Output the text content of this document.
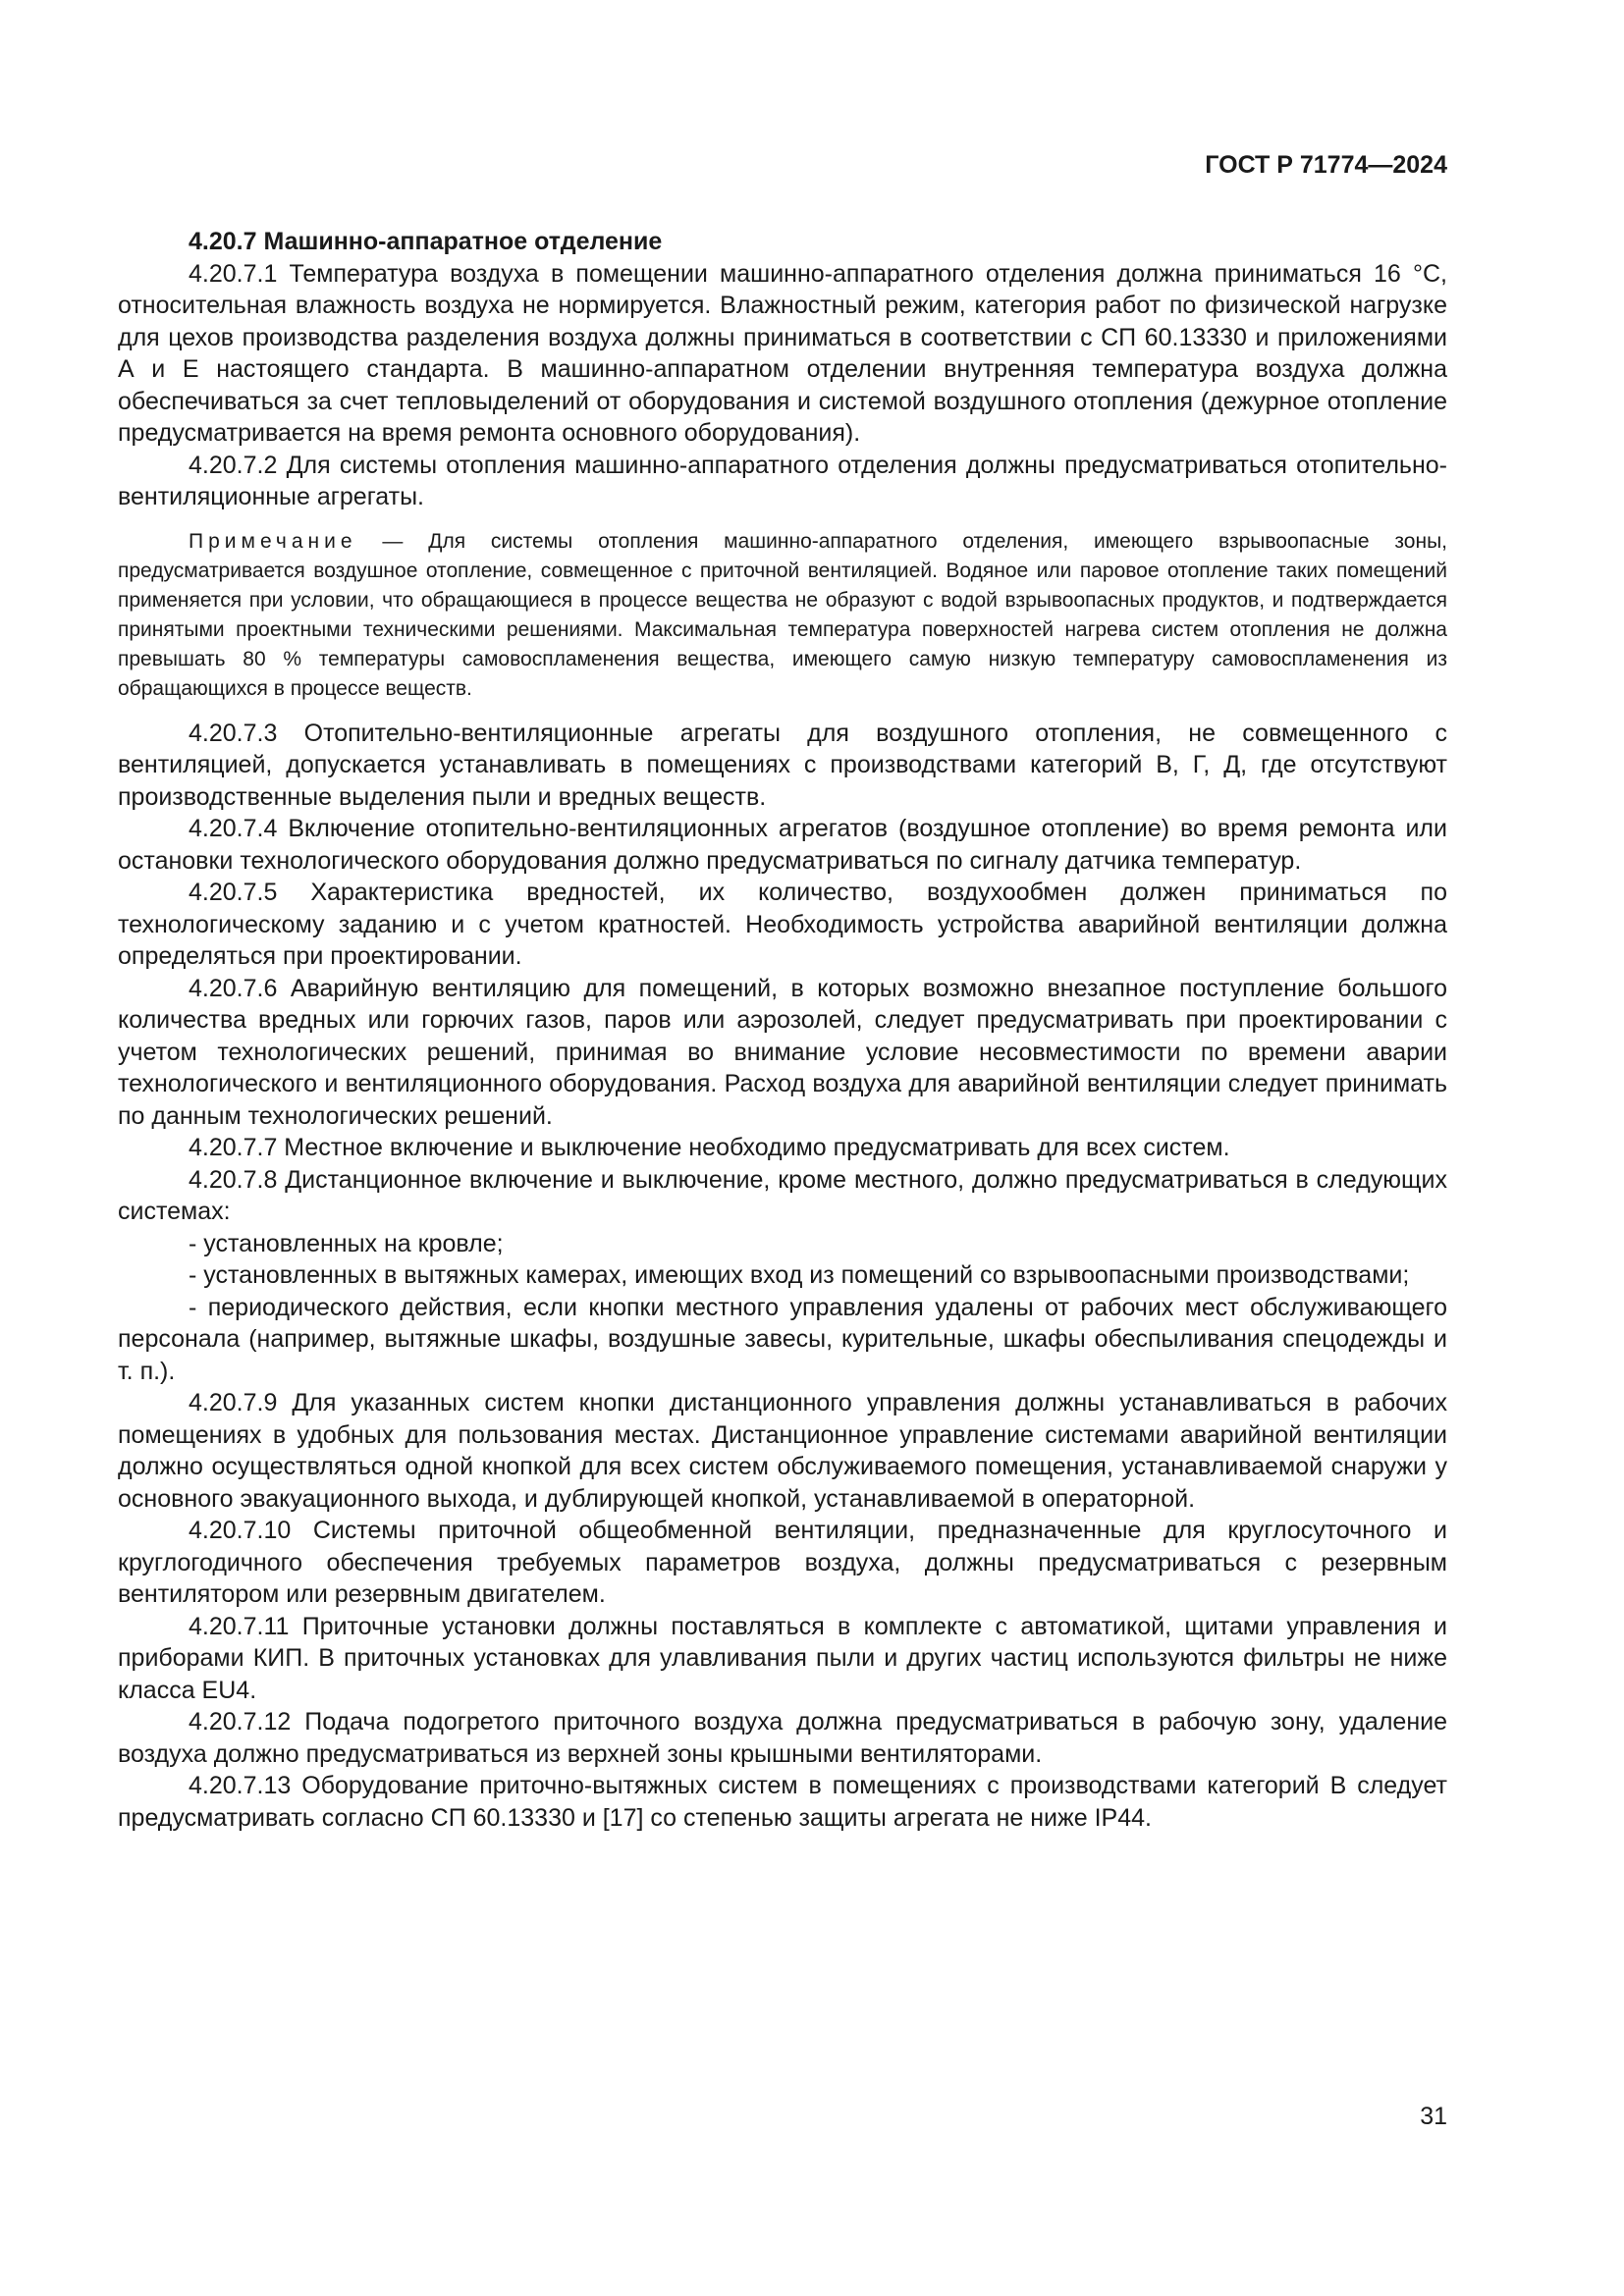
ГОСТ Р 71774—2024

4.20.7 Машинно-аппаратное отделение

4.20.7.1 Температура воздуха в помещении машинно-аппаратного отделения должна приниматься 16 °С, относительная влажность воздуха не нормируется. Влажностный режим, категория работ по физической нагрузке для цехов производства разделения воздуха должны приниматься в соответствии с СП 60.13330 и приложениями А и Е настоящего стандарта. В машинно-аппаратном отделении внутренняя температура воздуха должна обеспечиваться за счет тепловыделений от оборудования и системой воздушного отопления (дежурное отопление предусматривается на время ремонта основного оборудования).

4.20.7.2 Для системы отопления машинно-аппаратного отделения должны предусматриваться отопительно-вентиляционные агрегаты.

Примечание — Для системы отопления машинно-аппаратного отделения, имеющего взрывоопасные зоны, предусматривается воздушное отопление, совмещенное с приточной вентиляцией. Водяное или паровое отопление таких помещений применяется при условии, что обращающиеся в процессе вещества не образуют с водой взрывоопасных продуктов, и подтверждается принятыми проектными техническими решениями. Максимальная температура поверхностей нагрева систем отопления не должна превышать 80 % температуры самовоспламенения вещества, имеющего самую низкую температуру самовоспламенения из обращающихся в процессе веществ.

4.20.7.3 Отопительно-вентиляционные агрегаты для воздушного отопления, не совмещенного с вентиляцией, допускается устанавливать в помещениях с производствами категорий В, Г, Д, где отсутствуют производственные выделения пыли и вредных веществ.

4.20.7.4 Включение отопительно-вентиляционных агрегатов (воздушное отопление) во время ремонта или остановки технологического оборудования должно предусматриваться по сигналу датчика температур.

4.20.7.5 Характеристика вредностей, их количество, воздухообмен должен приниматься по технологическому заданию и с учетом кратностей. Необходимость устройства аварийной вентиляции должна определяться при проектировании.

4.20.7.6 Аварийную вентиляцию для помещений, в которых возможно внезапное поступление большого количества вредных или горючих газов, паров или аэрозолей, следует предусматривать при проектировании с учетом технологических решений, принимая во внимание условие несовместимости по времени аварии технологического и вентиляционного оборудования. Расход воздуха для аварийной вентиляции следует принимать по данным технологических решений.

4.20.7.7 Местное включение и выключение необходимо предусматривать для всех систем.

4.20.7.8 Дистанционное включение и выключение, кроме местного, должно предусматриваться в следующих системах:

- установленных на кровле;

- установленных в вытяжных камерах, имеющих вход из помещений со взрывоопасными производствами;

- периодического действия, если кнопки местного управления удалены от рабочих мест обслуживающего персонала (например, вытяжные шкафы, воздушные завесы, курительные, шкафы обеспыливания спецодежды и т. п.).

4.20.7.9 Для указанных систем кнопки дистанционного управления должны устанавливаться в рабочих помещениях в удобных для пользования местах. Дистанционное управление системами аварийной вентиляции должно осуществляться одной кнопкой для всех систем обслуживаемого помещения, устанавливаемой снаружи у основного эвакуационного выхода, и дублирующей кнопкой, устанавливаемой в операторной.

4.20.7.10 Системы приточной общеобменной вентиляции, предназначенные для круглосуточного и круглогодичного обеспечения требуемых параметров воздуха, должны предусматриваться с резервным вентилятором или резервным двигателем.

4.20.7.11 Приточные установки должны поставляться в комплекте с автоматикой, щитами управления и приборами КИП. В приточных установках для улавливания пыли и других частиц используются фильтры не ниже класса EU4.

4.20.7.12 Подача подогретого приточного воздуха должна предусматриваться в рабочую зону, удаление воздуха должно предусматриваться из верхней зоны крышными вентиляторами.

4.20.7.13 Оборудование приточно-вытяжных систем в помещениях с производствами категорий В следует предусматривать согласно СП 60.13330 и [17] со степенью защиты агрегата не ниже IP44.

31
